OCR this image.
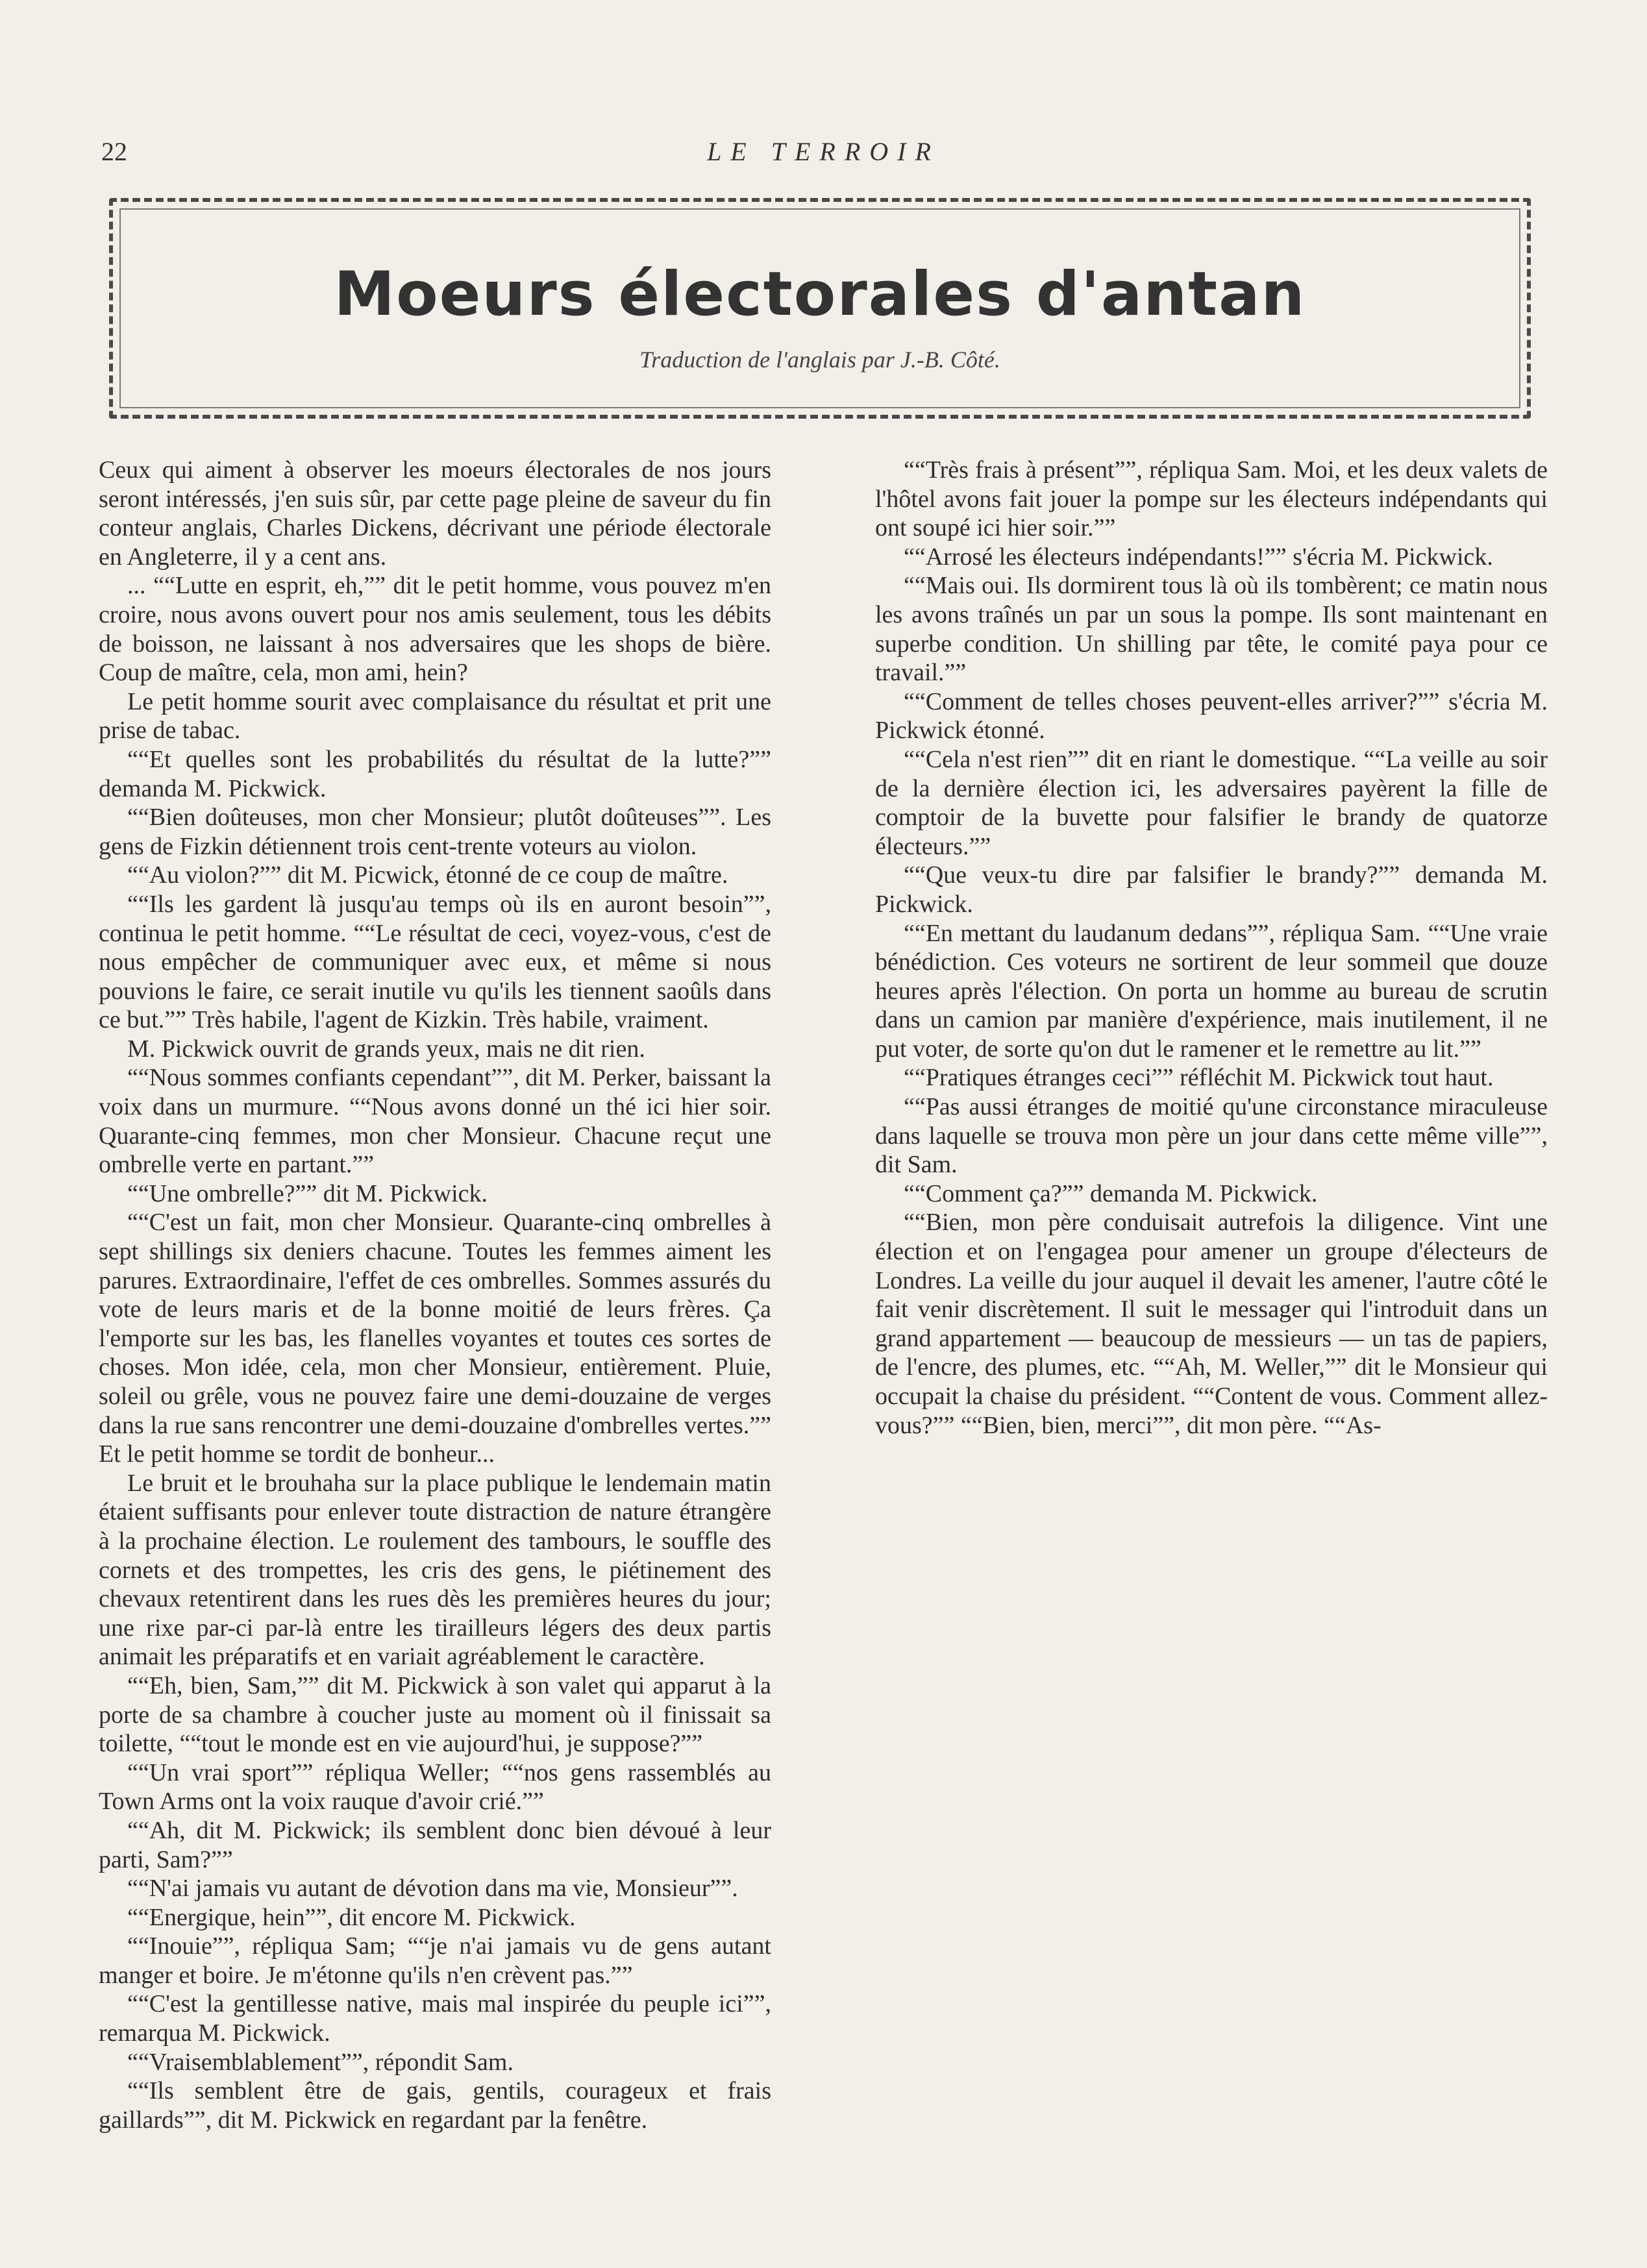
22	LE TERROIR
Moeurs électorales d'antan
Traduction de l'anglais par J.-B. Côté.

Ceux qui aiment à observer les moeurs électorales de nos jours seront intéressés, j'en suis sûr, par cette page pleine de saveur du fin conteur anglais, Charles Dickens, décrivant une période électorale en Angleterre, il y a cent ans.

... ““Lutte en esprit, eh,”” dit le petit homme, vous pouvez m'en croire, nous avons ouvert pour nos amis seulement, tous les débits de boisson, ne laissant à nos adversaires que les shops de bière. Coup de maître, cela, mon ami, hein?

Le petit homme sourit avec complaisance du résultat et prit une prise de tabac.

““Et quelles sont les probabilités du résultat de la lutte?”” demanda M. Pickwick.

““Bien doûteuses, mon cher Monsieur; plutôt doûteuses””. Les gens de Fizkin détiennent trois cent-trente voteurs au violon.

““Au violon?”” dit M. Picwick, étonné de ce coup de maître.

““Ils les gardent là jusqu'au temps où ils en auront besoin””, continua le petit homme. ““Le résultat de ceci, voyez-vous, c'est de nous empêcher de communiquer avec eux, et même si nous pouvions le faire, ce serait inutile vu qu'ils les tiennent saoûls dans ce but.”” Très habile, l'agent de Kizkin. Très habile, vraiment.

M. Pickwick ouvrit de grands yeux, mais ne dit rien.

““Nous sommes confiants cependant””, dit M. Perker, baissant la voix dans un murmure. ““Nous avons donné un thé ici hier soir. Quarante-cinq femmes, mon cher Monsieur. Chacune reçut une ombrelle verte en partant.””

““Une ombrelle?”” dit M. Pickwick.

““C'est un fait, mon cher Monsieur. Quarante-cinq ombrelles à sept shillings six deniers chacune. Toutes les femmes aiment les parures. Extraordinaire, l'effet de ces ombrelles. Sommes assurés du vote de leurs maris et de la bonne moitié de leurs frères. Ça l'emporte sur les bas, les flanelles voyantes et toutes ces sortes de choses. Mon idée, cela, mon cher Monsieur, entièrement. Pluie, soleil ou grêle, vous ne pouvez faire une demi-douzaine de verges dans la rue sans rencontrer une demi-douzaine d'ombrelles vertes.”” Et le petit homme se tordit de bonheur...

Le bruit et le brouhaha sur la place publique le lendemain matin étaient suffisants pour enlever toute distraction de nature étrangère à la prochaine élection. Le roulement des tambours, le souffle des cornets et des trompettes, les cris des gens, le piétinement des chevaux retentirent dans les rues dès les premières heures du jour; une rixe par-ci par-là entre les tirailleurs légers des deux partis animait les préparatifs et en variait agréablement le caractère.

““Eh, bien, Sam,”” dit M. Pickwick à son valet qui apparut à la porte de sa chambre à coucher juste au moment où il finissait sa toilette, ““tout le monde est en vie aujourd'hui, je suppose?””

““Un vrai sport”” répliqua Weller; ““nos gens rassemblés au Town Arms ont la voix rauque d'avoir crié.””

““Ah, dit M. Pickwick; ils semblent donc bien dévoué à leur parti, Sam?””

““N'ai jamais vu autant de dévotion dans ma vie, Monsieur””.

““Energique, hein””, dit encore M. Pickwick.

““Inouie””, répliqua Sam; ““je n'ai jamais vu de gens autant manger et boire. Je m'étonne qu'ils n'en crèvent pas.””

““C'est la gentillesse native, mais mal inspirée du peuple ici””, remarqua M. Pickwick.

““Vraisemblablement””, répondit Sam.

““Ils semblent être de gais, gentils, courageux et frais gaillards””, dit M. Pickwick en regardant par la fenêtre.

““Très frais à présent””, répliqua Sam. Moi, et les deux valets de l'hôtel avons fait jouer la pompe sur les électeurs indépendants qui ont soupé ici hier soir.””

““Arrosé les électeurs indépendants!”” s'écria M. Pickwick.

““Mais oui. Ils dormirent tous là où ils tombèrent; ce matin nous les avons traînés un par un sous la pompe. Ils sont maintenant en superbe condition. Un shilling par tête, le comité paya pour ce travail.””

““Comment de telles choses peuvent-elles arriver?”” s'écria M. Pickwick étonné.

““Cela n'est rien”” dit en riant le domestique. ““La veille au soir de la dernière élection ici, les adversaires payèrent la fille de comptoir de la buvette pour falsifier le brandy de quatorze électeurs.””

““Que veux-tu dire par falsifier le brandy?”” demanda M. Pickwick.

““En mettant du laudanum dedans””, répliqua Sam. ““Une vraie bénédiction. Ces voteurs ne sortirent de leur sommeil que douze heures après l'élection. On porta un homme au bureau de scrutin dans un camion par manière d'expérience, mais inutilement, il ne put voter, de sorte qu'on dut le ramener et le remettre au lit.””

““Pratiques étranges ceci”” réfléchit M. Pickwick tout haut.

““Pas aussi étranges de moitié qu'une circonstance miraculeuse dans laquelle se trouva mon père un jour dans cette même ville””, dit Sam.

““Comment ça?”” demanda M. Pickwick.

““Bien, mon père conduisait autrefois la diligence. Vint une élection et on l'engagea pour amener un groupe d'électeurs de Londres. La veille du jour auquel il devait les amener, l'autre côté le fait venir discrètement. Il suit le messager qui l'introduit dans un grand appartement — beaucoup de messieurs — un tas de papiers, de l'encre, des plumes, etc. ““Ah, M. Weller,”” dit le Monsieur qui occupait la chaise du président. ““Content de vous. Comment allez-vous?”” ““Bien, bien, merci””, dit mon père. ““As-
